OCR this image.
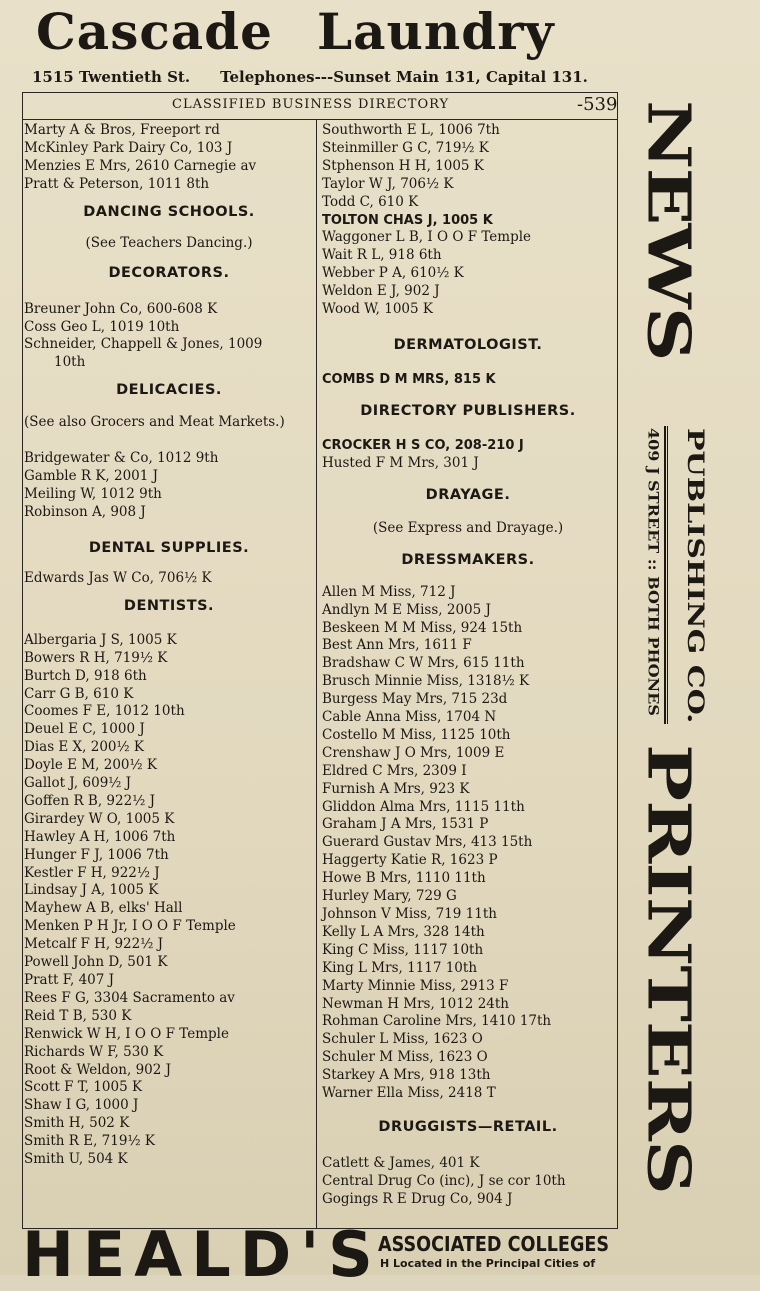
Cascade Laundry
1515 Twentieth St. Telephones---Sunset Main 131, Capital 131.
CLASSIFIED BUSINESS DIRECTORY	-539
Marty A & Bros, Freeport rd
McKinley Park Dairy Co, 103 J
Menzies E Mrs, 2610 Carnegie av
Pratt & Peterson, 1011 8th
DANCING SCHOOLS.
(See Teachers Dancing.)
DECORATORS.
Breuner John Co, 600-608 K
Coss Geo L, 1019 10th
Schneider, Chappell & Jones, 1009
10th
DELICACIES.
(See also Grocers and Meat Markets.)
Bridgewater & Co, 1012 9th
Gamble R K, 2001 J
Meiling W, 1012 9th
Robinson A, 908 J
DENTAL SUPPLIES.
Edwards Jas W Co, 706½ K
DENTISTS.
Albergaria J S, 1005 K
Bowers R H, 719½ K
Burtch D, 918 6th
Carr G B, 610 K
Coomes F E, 1012 10th
Deuel E C, 1000 J
Dias E X, 200½ K
Doyle E M, 200½ K
Gallot J, 609½ J
Goffen R B, 922½ J
Girardey W O, 1005 K
Hawley A H, 1006 7th
Hunger F J, 1006 7th
Kestler F H, 922½ J
Lindsay J A, 1005 K
Mayhew A B, elks' Hall
Menken P H Jr, I O O F Temple
Metcalf F H, 922½ J
Powell John D, 501 K
Pratt F, 407 J
Rees F G, 3304 Sacramento av
Reid T B, 530 K
Renwick W H, I O O F Temple
Richards W F, 530 K
Root & Weldon, 902 J
Scott F T, 1005 K
Shaw I G, 1000 J
Smith H, 502 K
Smith R E, 719½ K
Smith U, 504 K
Southworth E L, 1006 7th
Steinmiller G C, 719½ K
Stphenson H H, 1005 K
Taylor W J, 706½ K
Todd C, 610 K
TOLTON CHAS J, 1005 K
Waggoner L B, I O O F Temple
Wait R L, 918 6th
Webber P A, 610½ K
Weldon E J, 902 J
Wood W, 1005 K
DERMATOLOGIST.
COMBS D M MRS, 815 K
DIRECTORY PUBLISHERS.
CROCKER H S CO, 208-210 J
Husted F M Mrs, 301 J
DRAYAGE.
(See Express and Drayage.)
DRESSMAKERS.
Allen M Miss, 712 J
Andlyn M E Miss, 2005 J
Beskeen M M Miss, 924 15th
Best Ann Mrs, 1611 F
Bradshaw C W Mrs, 615 11th
Brusch Minnie Miss, 1318½ K
Burgess May Mrs, 715 23d
Cable Anna Miss, 1704 N
Costello M Miss, 1125 10th
Crenshaw J O Mrs, 1009 E
Eldred C Mrs, 2309 I
Furnish A Mrs, 923 K
Gliddon Alma Mrs, 1115 11th
Graham J A Mrs, 1531 P
Guerard Gustav Mrs, 413 15th
Haggerty Katie R, 1623 P
Howe B Mrs, 1110 11th
Hurley Mary, 729 G
Johnson V Miss, 719 11th
Kelly L A Mrs, 328 14th
King C Miss, 1117 10th
King L Mrs, 1117 10th
Marty Minnie Miss, 2913 F
Newman H Mrs, 1012 24th
Rohman Caroline Mrs, 1410 17th
Schuler L Miss, 1623 O
Schuler M Miss, 1623 O
Starkey A Mrs, 918 13th
Warner Ella Miss, 2418 T
DRUGGISTS—RETAIL.
Catlett & James, 401 K
Central Drug Co (inc), J se cor 10th
Gogings R E Drug Co, 904 J
NEWS
PUBLISHING CO.
409 J STREET :: BOTH PHONES
PRINTERS
HEALD'S
ASSOCIATED COLLEGES
H Located in the Principal Cities of
